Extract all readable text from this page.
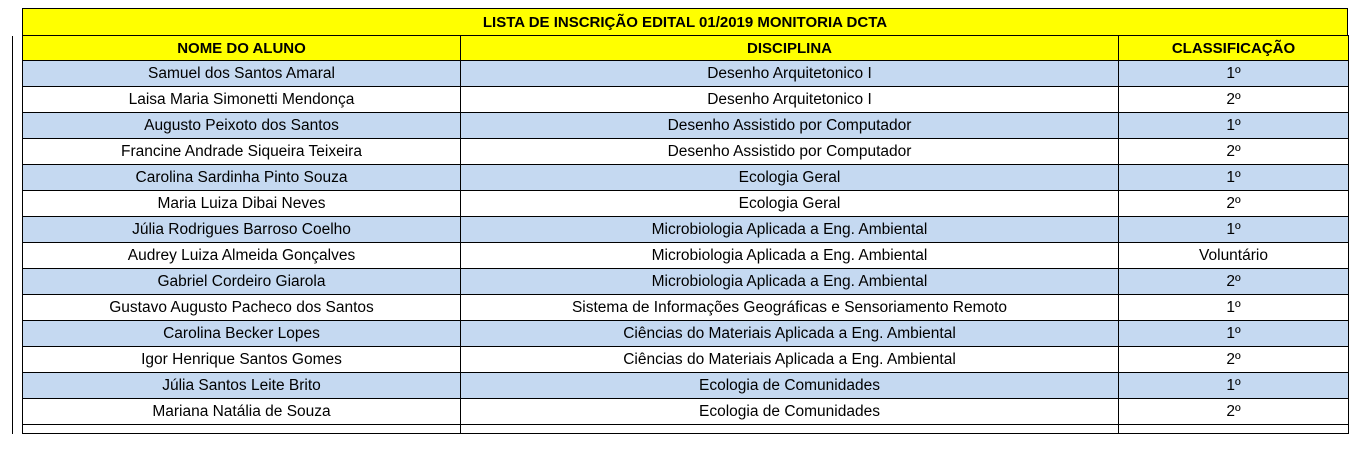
LISTA DE INSCRIÇÃO EDITAL 01/2019 MONITORIA DCTA
	NOME DO ALUNO	DISCIPLINA	CLASSIFICAÇÃO
	Samuel dos Santos Amaral	Desenho Arquitetonico I	1º
	Laisa Maria Simonetti Mendonça	Desenho Arquitetonico I	2º
	Augusto Peixoto dos Santos	Desenho Assistido por Computador	1º
	Francine Andrade Siqueira Teixeira	Desenho Assistido por Computador	2º
	Carolina Sardinha Pinto Souza	Ecologia Geral	1º
	Maria Luiza Dibai Neves	Ecologia Geral	2º
	Júlia Rodrigues Barroso Coelho	Microbiologia Aplicada a Eng. Ambiental	1º
	Audrey Luiza Almeida Gonçalves	Microbiologia Aplicada a Eng. Ambiental	Voluntário
	Gabriel Cordeiro Giarola	Microbiologia Aplicada a Eng. Ambiental	2º
	Gustavo Augusto Pacheco dos Santos	Sistema de Informações Geográficas e Sensoriamento Remoto	1º
	Carolina Becker Lopes	Ciências do Materiais Aplicada a Eng. Ambiental	1º
	Igor Henrique Santos Gomes	Ciências do Materiais Aplicada a Eng. Ambiental	2º
	Júlia Santos Leite Brito	Ecologia de Comunidades	1º
	Mariana Natália de Souza	Ecologia de Comunidades	2º
